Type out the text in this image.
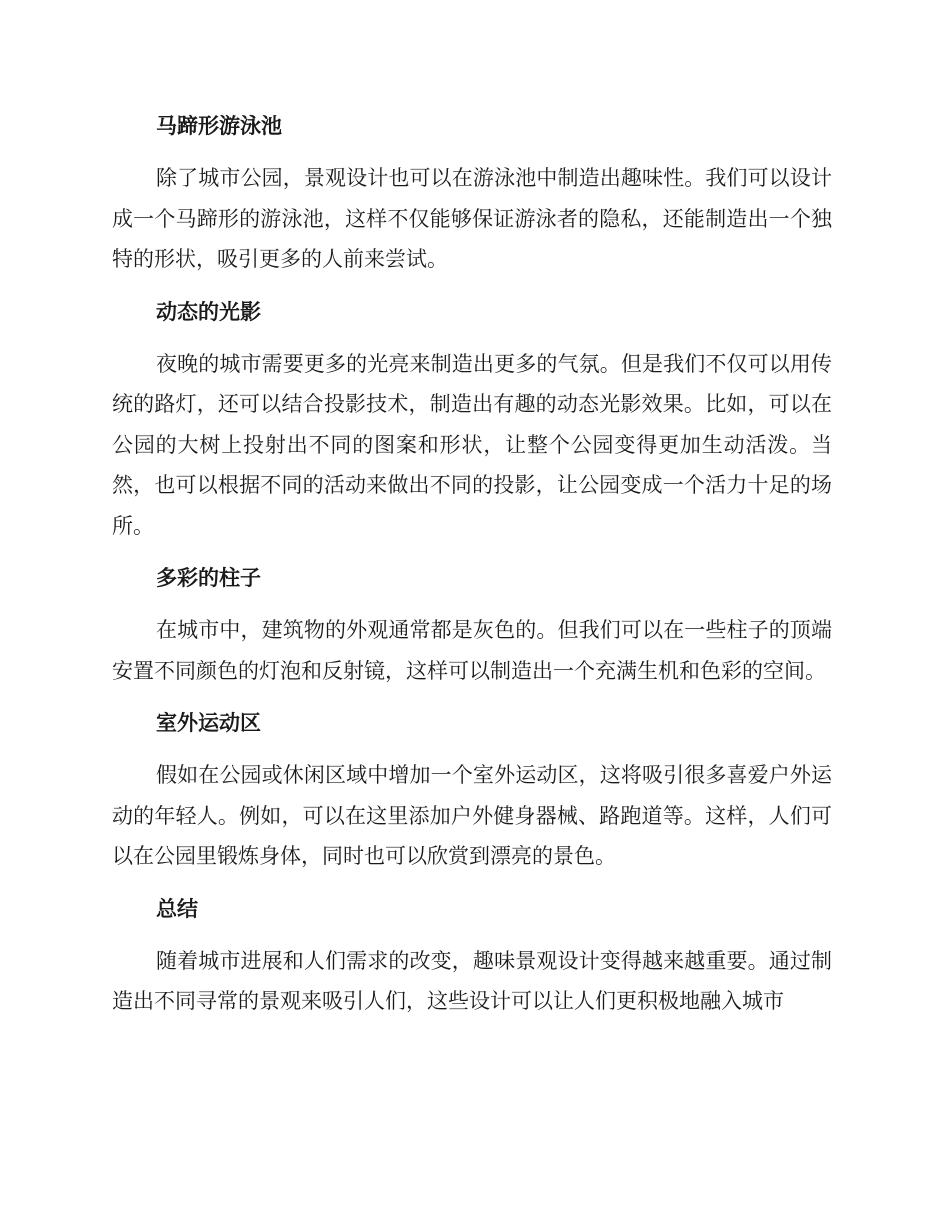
马蹄形游泳池
除了城市公园，景观设计也可以在游泳池中制造出趣味性。我们可以设计成一个马蹄形的游泳池，这样不仅能够保证游泳者的隐私，还能制造出一个独特的形状，吸引更多的人前来尝试。
动态的光影
夜晚的城市需要更多的光亮来制造出更多的气氛。但是我们不仅可以用传统的路灯，还可以结合投影技术，制造出有趣的动态光影效果。比如，可以在公园的大树上投射出不同的图案和形状，让整个公园变得更加生动活泼。当然，也可以根据不同的活动来做出不同的投影，让公园变成一个活力十足的场所。
多彩的柱子
在城市中，建筑物的外观通常都是灰色的。但我们可以在一些柱子的顶端安置不同颜色的灯泡和反射镜，这样可以制造出一个充满生机和色彩的空间。
室外运动区
假如在公园或休闲区域中增加一个室外运动区，这将吸引很多喜爱户外运动的年轻人。例如，可以在这里添加户外健身器械、路跑道等。这样，人们可以在公园里锻炼身体，同时也可以欣赏到漂亮的景色。
总结
随着城市进展和人们需求的改变，趣味景观设计变得越来越重要。通过制造出不同寻常的景观来吸引人们，这些设计可以让人们更积极地融入城市
